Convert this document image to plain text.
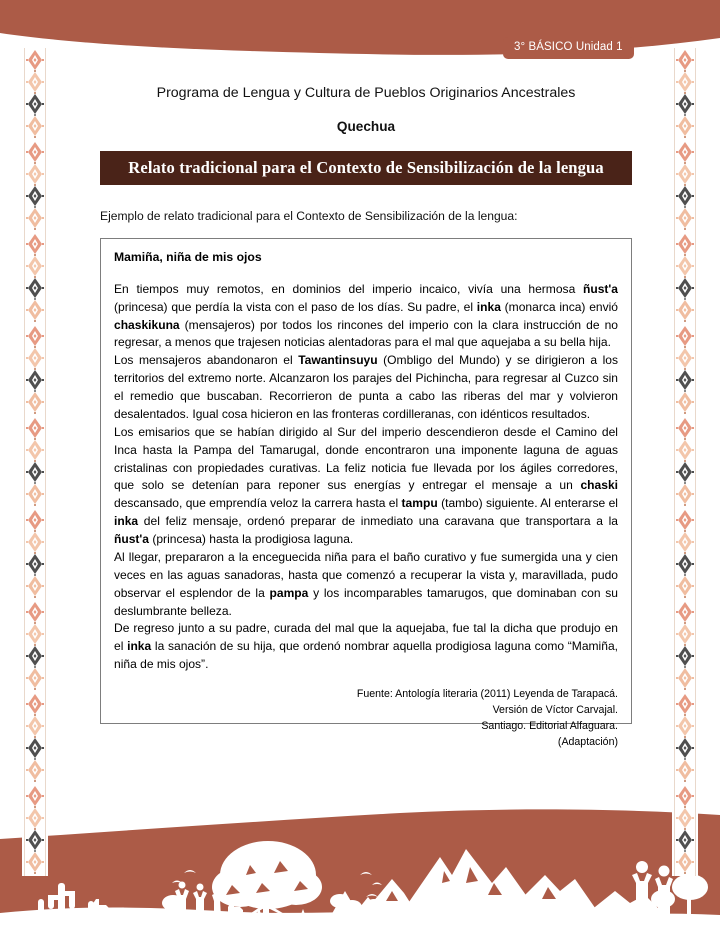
3° BÁSICO Unidad 1
Programa de Lengua y Cultura de Pueblos Originarios Ancestrales
Quechua
Relato tradicional para el Contexto de Sensibilización de la lengua
Ejemplo de relato tradicional para el Contexto de Sensibilización de la lengua:
Mamiña, niña de mis ojos
En tiempos muy remotos, en dominios del imperio incaico, vivía una hermosa ñust'a (princesa) que perdía la vista con el paso de los días. Su padre, el inka (monarca inca) envió chaskikuna (mensajeros) por todos los rincones del imperio con la clara instrucción de no regresar, a menos que trajesen noticias alentadoras para el mal que aquejaba a su bella hija.
Los mensajeros abandonaron el Tawantinsuyu (Ombligo del Mundo) y se dirigieron a los territorios del extremo norte. Alcanzaron los parajes del Pichincha, para regresar al Cuzco sin el remedio que buscaban. Recorrieron de punta a cabo las riberas del mar y volvieron desalentados. Igual cosa hicieron en las fronteras cordilleranas, con idénticos resultados.
Los emisarios que se habían dirigido al Sur del imperio descendieron desde el Camino del Inca hasta la Pampa del Tamarugal, donde encontraron una imponente laguna de aguas cristalinas con propiedades curativas. La feliz noticia fue llevada por los ágiles corredores, que solo se detenían para reponer sus energías y entregar el mensaje a un chaski descansado, que emprendía veloz la carrera hasta el tampu (tambo) siguiente. Al enterarse el inka del feliz mensaje, ordenó preparar de inmediato una caravana que transportara a la ñust'a (princesa) hasta la prodigiosa laguna.
Al llegar, prepararon a la enceguecida niña para el baño curativo y fue sumergida una y cien veces en las aguas sanadoras, hasta que comenzó a recuperar la vista y, maravillada, pudo observar el esplendor de la pampa y los incomparables tamarugos, que dominaban con su deslumbrante belleza.
De regreso junto a su padre, curada del mal que la aquejaba, fue tal la dicha que produjo en el inka la sanación de su hija, que ordenó nombrar aquella prodigiosa laguna como “Mamiña, niña de mis ojos”.
Fuente: Antología literaria (2011) Leyenda de Tarapacá.
Versión de Víctor Carvajal.
Santiago. Editorial Alfaguara.
(Adaptación)
